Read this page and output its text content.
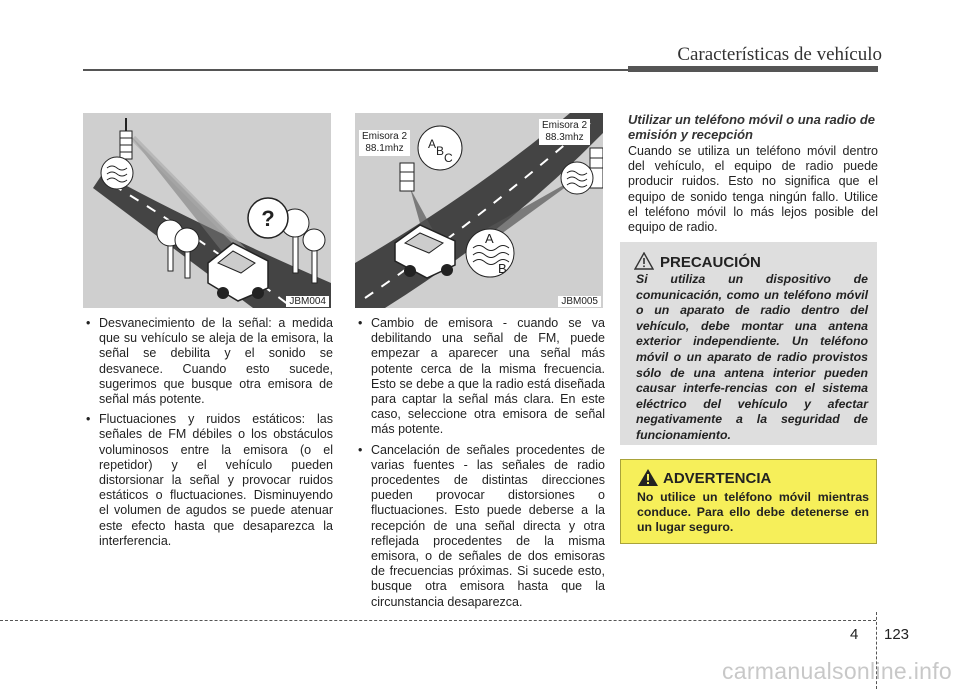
Características de vehículo
?
JBM004
A B C
A
B
Emisora 2
88.1mhz
Emisora 2
88.3mhz
JBM005
• Desvanecimiento de la señal: a medida que su vehículo se aleja de la emisora, la señal se debilita y el sonido se desvanece. Cuando esto sucede, sugerimos que busque otra emisora de señal más potente.
• Fluctuaciones y ruidos estáticos: las señales de FM débiles o los obstáculos voluminosos entre la emisora (o el repetidor) y el vehículo pueden distorsionar la señal y provocar ruidos estáticos o fluctuaciones. Disminuyendo el volumen de agudos se puede atenuar este efecto hasta que desaparezca la interferencia.
• Cambio de emisora - cuando se va debilitando una señal de FM, puede empezar a aparecer una señal más potente cerca de la misma frecuencia. Esto se debe a que la radio está diseñada para captar la señal más clara. En este caso, seleccione otra emisora de señal más potente.
• Cancelación de señales procedentes de varias fuentes - las señales de radio procedentes de distintas direcciones pueden provocar distorsiones o fluctuaciones. Esto puede deberse a la recepción de una señal directa y otra reflejada procedentes de la misma emisora, o de señales de dos emisoras de frecuencias próximas. Si sucede esto, busque otra emisora hasta que la circunstancia desaparezca.
Utilizar un teléfono móvil o una radio de emisión y recepción
Cuando se utiliza un teléfono móvil dentro del vehículo, el equipo de radio puede producir ruidos. Esto no significa que el equipo de sonido tenga ningún fallo. Utilice el teléfono móvil lo más lejos posible del equipo de radio.
PRECAUCIÓN
Si utiliza un dispositivo de comunicación, como un teléfono móvil o un aparato de radio dentro del vehículo, debe montar una antena exterior independiente. Un teléfono móvil o un aparato de radio provistos sólo de una antena interior pueden causar interfe-rencias con el sistema eléctrico del vehículo y afectar negativamente a la seguridad de funcionamiento.
ADVERTENCIA
No utilice un teléfono móvil mientras conduce. Para ello debe detenerse en un lugar seguro.
4 123
carmanualsonline.info
